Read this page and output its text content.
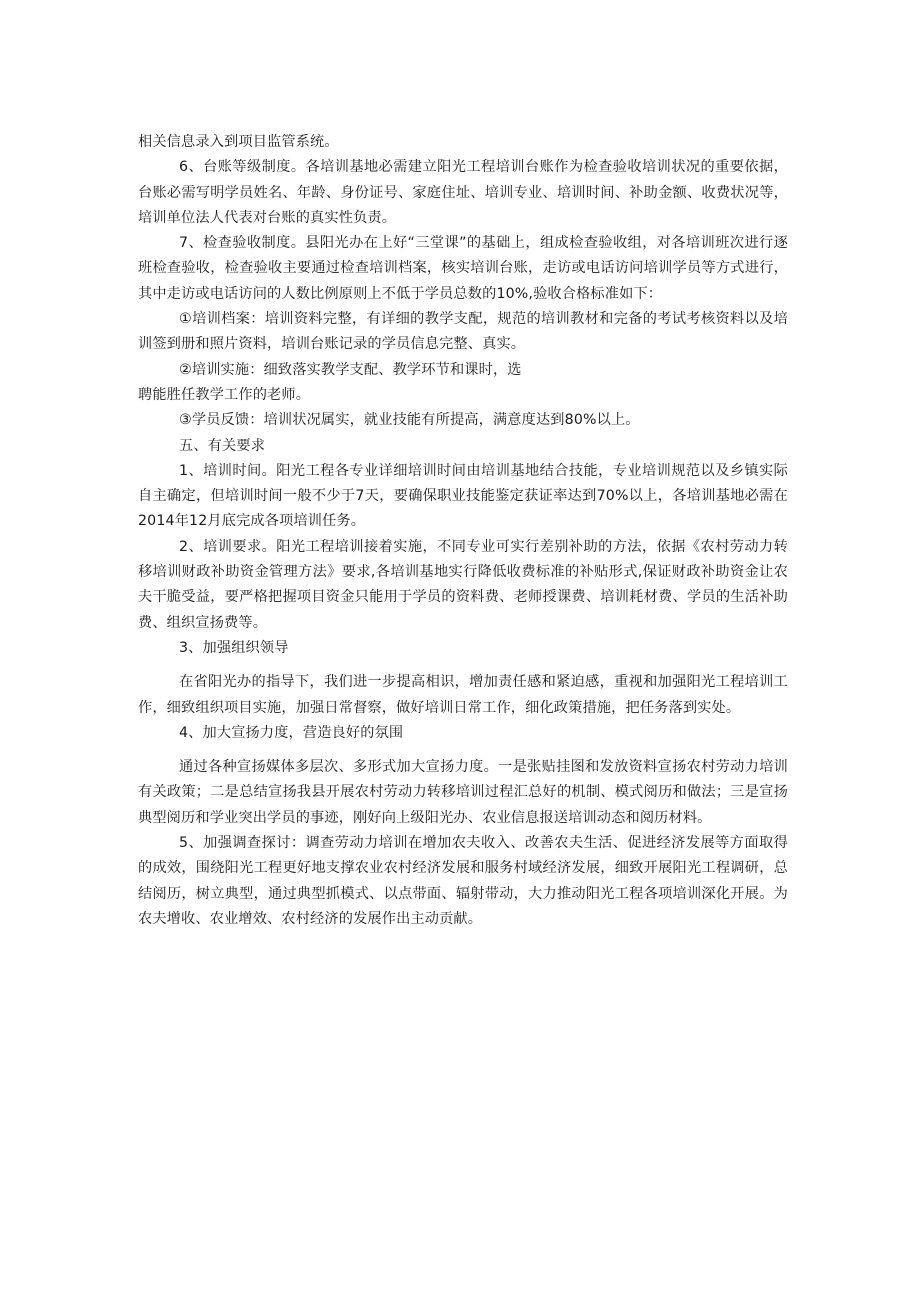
相关信息录入到项目监管系统。

6、台账等级制度。各培训基地必需建立阳光工程培训台账作为检查验收培训状况的重要依据，台账必需写明学员姓名、年龄、身份证号、家庭住址、培训专业、培训时间、补助金额、收费状况等，培训单位法人代表对台账的真实性负责。

7、检查验收制度。县阳光办在上好“三堂课”的基础上，组成检查验收组，对各培训班次进行逐班检查验收，检查验收主要通过检查培训档案，核实培训台账，走访或电话访问培训学员等方式进行，其中走访或电话访问的人数比例原则上不低于学员总数的10%,验收合格标准如下：

①培训档案：培训资料完整，有详细的教学支配，规范的培训教材和完备的考试考核资料以及培训签到册和照片资料，培训台账记录的学员信息完整、真实。

②培训实施：细致落实教学支配、教学环节和课时，选

聘能胜任教学工作的老师。

③学员反馈：培训状况属实，就业技能有所提高，满意度达到80%以上。

五、有关要求

1、培训时间。阳光工程各专业详细培训时间由培训基地结合技能，专业培训规范以及乡镇实际自主确定，但培训时间一般不少于7天，要确保职业技能鉴定获证率达到70%以上，各培训基地必需在2014年12月底完成各项培训任务。

2、培训要求。阳光工程培训接着实施，不同专业可实行差别补助的方法，依据《农村劳动力转移培训财政补助资金管理方法》要求,各培训基地实行降低收费标准的补贴形式,保证财政补助资金让农夫干脆受益，要严格把握项目资金只能用于学员的资料费、老师授课费、培训耗材费、学员的生活补助费、组织宣扬费等。

3、加强组织领导

在省阳光办的指导下，我们进一步提高相识，增加责任感和紧迫感，重视和加强阳光工程培训工作，细致组织项目实施，加强日常督察，做好培训日常工作，细化政策措施，把任务落到实处。

4、加大宣扬力度，营造良好的氛围

通过各种宣扬媒体多层次、多形式加大宣扬力度。一是张贴挂图和发放资料宣扬农村劳动力培训有关政策；二是总结宣扬我县开展农村劳动力转移培训过程汇总好的机制、模式阅历和做法；三是宣扬典型阅历和学业突出学员的事迹，刚好向上级阳光办、农业信息报送培训动态和阅历材料。

5、加强调查探讨：调查劳动力培训在增加农夫收入、改善农夫生活、促进经济发展等方面取得的成效，围绕阳光工程更好地支撑农业农村经济发展和服务村域经济发展，细致开展阳光工程调研，总结阅历，树立典型，通过典型抓模式、以点带面、辐射带动，大力推动阳光工程各项培训深化开展。为农夫增收、农业增效、农村经济的发展作出主动贡献。
